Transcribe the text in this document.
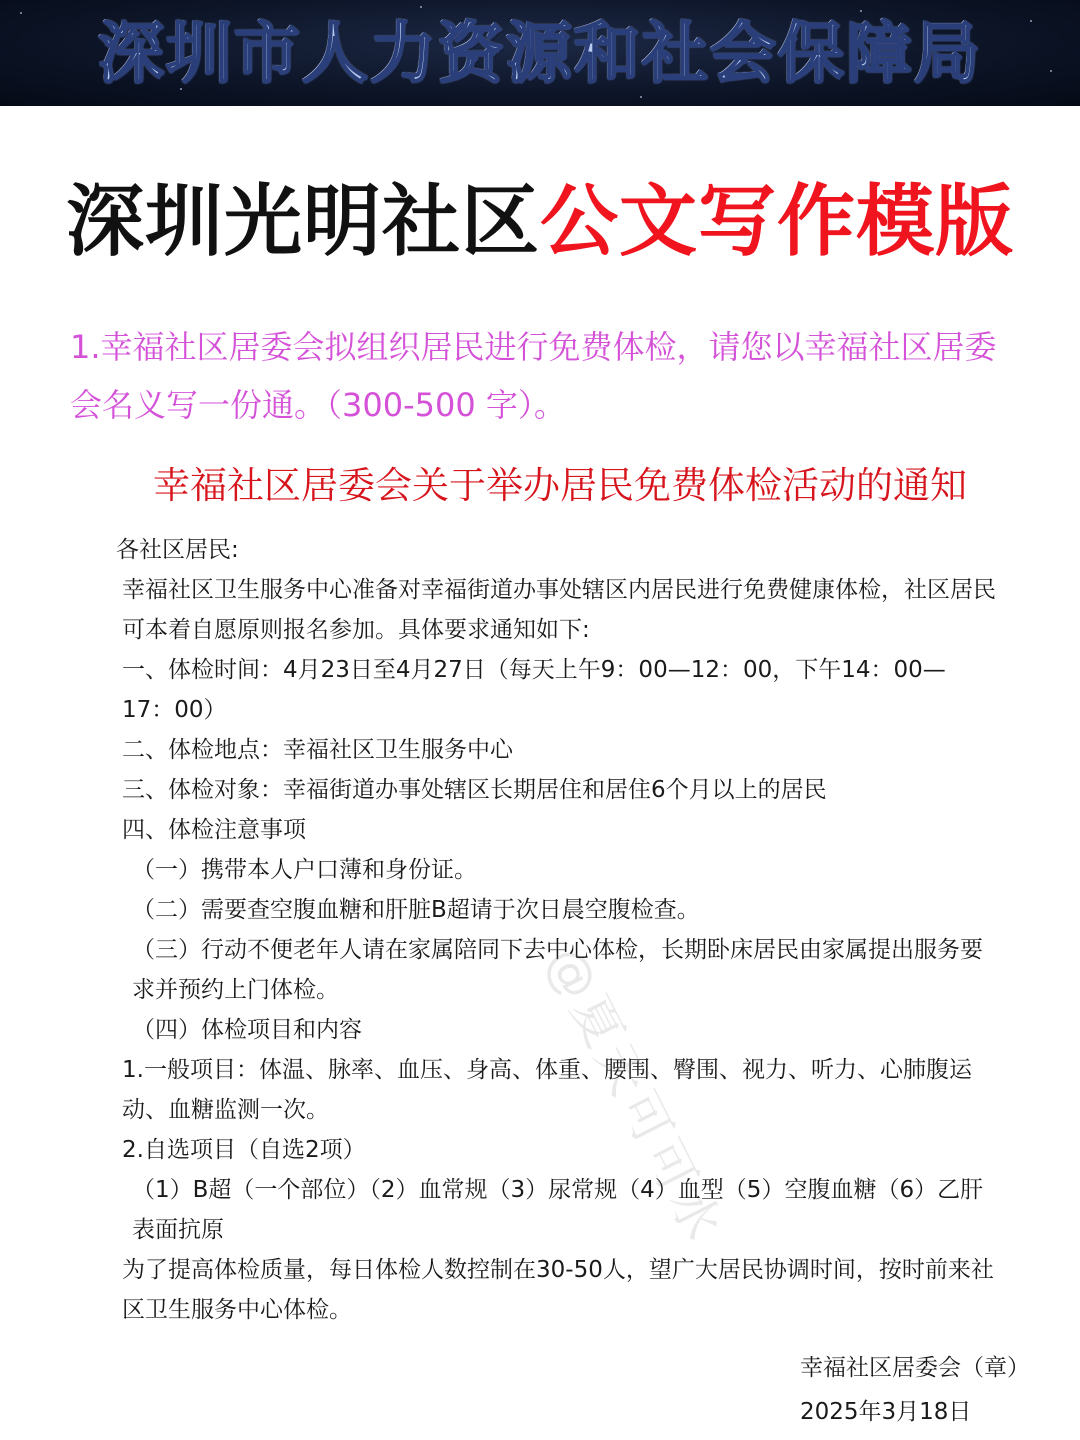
深圳市人力资源和社会保障局
深圳光明社区公文写作模版
1.幸福社区居委会拟组织居民进行免费体检，请您以幸福社区居委会名义写一份通。（300-500 字）。
幸福社区居委会关于举办居民免费体检活动的通知

各社区居民:

幸福社区卫生服务中心准备对幸福街道办事处辖区内居民进行免费健康体检，社区居民可本着自愿原则报名参加。具体要求通知如下:

一、体检时间：4月23日至4月27日（每天上午9：00—12：00，下午14：00—17：00）

二、体检地点：幸福社区卫生服务中心

三、体检对象：幸福街道办事处辖区长期居住和居住6个月以上的居民

四、体检注意事项

（一）携带本人户口薄和身份证。

（二）需要查空腹血糖和肝脏B超请于次日晨空腹检查。

（三）行动不便老年人请在家属陪同下去中心体检，长期卧床居民由家属提出服务要求并预约上门体检。

（四）体检项目和内容

1.一般项目：体温、脉率、血压、身高、体重、腰围、臀围、视力、听力、心肺腹运动、血糖监测一次。

2.自选项目（自选2项）

（1）B超（一个部位）（2）血常规（3）尿常规（4）血型（5）空腹血糖（6）乙肝表面抗原

为了提高体检质量，每日体检人数控制在30-50人，望广大居民协调时间，按时前来社区卫生服务中心体检。

幸福社区居委会（章）
2025年3月18日
@夏天可可水
